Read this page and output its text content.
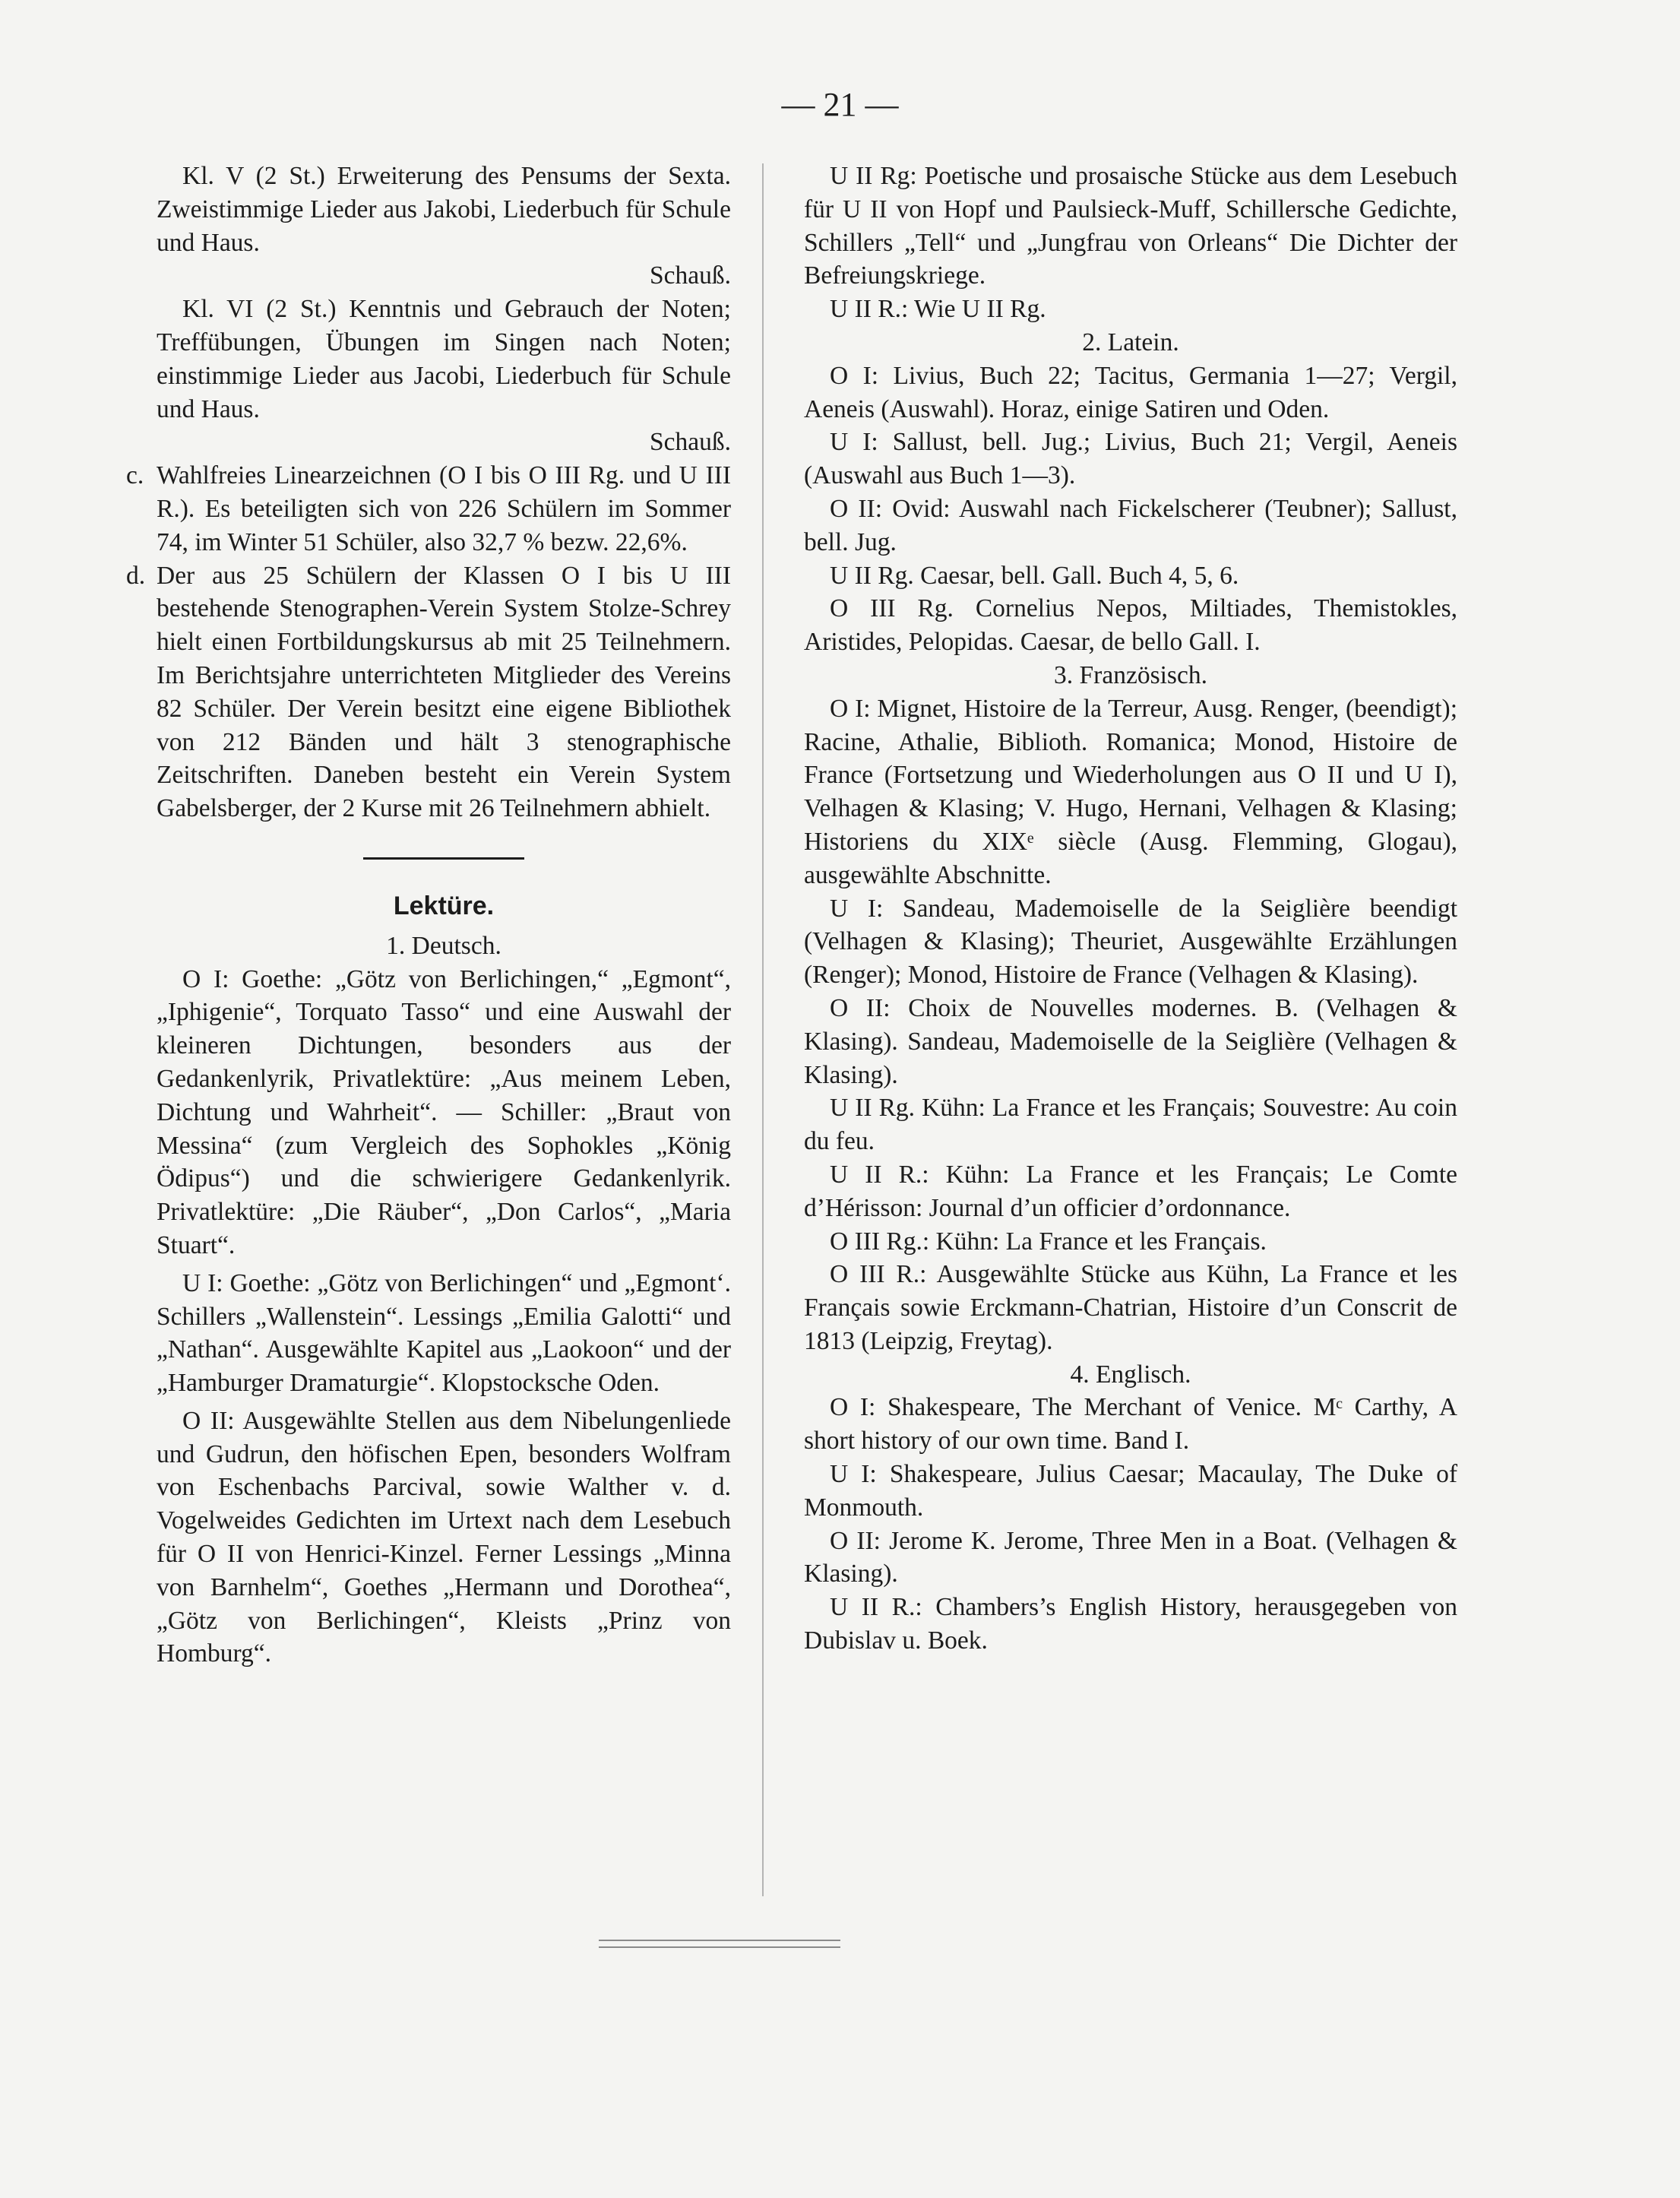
— 21 —

Kl. V (2 St.) Erweiterung des Pensums der Sexta. Zweistimmige Lieder aus Jakobi, Liederbuch für Schule und Haus.

Schauß.

Kl. VI (2 St.) Kenntnis und Gebrauch der Noten; Treffübungen, Übungen im Singen nach Noten; einstimmige Lieder aus Jacobi, Liederbuch für Schule und Haus.

Schauß.

c. Wahlfreies Linearzeichnen (O I bis O III Rg. und U III R.). Es beteiligten sich von 226 Schülern im Sommer 74, im Winter 51 Schüler, also 32,7 % bezw. 22,6%.
d. Der aus 25 Schülern der Klassen O I bis U III bestehende Stenographen-Verein System Stolze-Schrey hielt einen Fortbildungskursus ab mit 25 Teilnehmern. Im Berichtsjahre unterrichteten Mitglieder des Vereins 82 Schüler. Der Verein besitzt eine eigene Bibliothek von 212 Bänden und hält 3 stenographische Zeitschriften. Daneben besteht ein Verein System Gabelsberger, der 2 Kurse mit 26 Teilnehmern abhielt.
Lektüre.

1. Deutsch.

O I: Goethe: „Götz von Berlichingen,“ „Egmont“, „Iphigenie“, Torquato Tasso“ und eine Auswahl der kleineren Dichtungen, besonders aus der Gedankenlyrik, Privatlektüre: „Aus meinem Leben, Dichtung und Wahrheit“. — Schiller: „Braut von Messina“ (zum Vergleich des Sophokles „König Ödipus“) und die schwierigere Gedankenlyrik. Privatlektüre: „Die Räuber“, „Don Carlos“, „Maria Stuart“.

U I: Goethe: „Götz von Berlichingen“ und „Egmont‘. Schillers „Wallenstein“. Lessings „Emilia Galotti“ und „Nathan“. Ausgewählte Kapitel aus „Laokoon“ und der „Hamburger Dramaturgie“. Klopstocksche Oden.

O II: Ausgewählte Stellen aus dem Nibelungenliede und Gudrun, den höfischen Epen, besonders Wolfram von Eschenbachs Parcival, sowie Walther v. d. Vogelweides Gedichten im Urtext nach dem Lesebuch für O II von Henrici-Kinzel. Ferner Lessings „Minna von Barnhelm“, Goethes „Hermann und Dorothea“, „Götz von Berlichingen“, Kleists „Prinz von Homburg“.

U II Rg: Poetische und prosaische Stücke aus dem Lesebuch für U II von Hopf und Paulsieck-Muff, Schillersche Gedichte, Schillers „Tell“ und „Jungfrau von Orleans“ Die Dichter der Befreiungskriege.

U II R.: Wie U II Rg.

2. Latein.

O I: Livius, Buch 22; Tacitus, Germania 1—27; Vergil, Aeneis (Auswahl). Horaz, einige Satiren und Oden.

U I: Sallust, bell. Jug.; Livius, Buch 21; Vergil, Aeneis (Auswahl aus Buch 1—3).

O II: Ovid: Auswahl nach Fickelscherer (Teubner); Sallust, bell. Jug.

U II Rg. Caesar, bell. Gall. Buch 4, 5, 6.

O III Rg. Cornelius Nepos, Miltiades, Themistokles, Aristides, Pelopidas. Caesar, de bello Gall. I.

3. Französisch.

O I: Mignet, Histoire de la Terreur, Ausg. Renger, (beendigt); Racine, Athalie, Biblioth. Romanica; Monod, Histoire de France (Fortsetzung und Wiederholungen aus O II und U I), Velhagen & Klasing; V. Hugo, Hernani, Velhagen & Klasing; Historiens du XIXᵉ siècle (Ausg. Flemming, Glogau), ausgewählte Abschnitte.

U I: Sandeau, Mademoiselle de la Seiglière beendigt (Velhagen & Klasing); Theuriet, Ausgewählte Erzählungen (Renger); Monod, Histoire de France (Velhagen & Klasing).

O II: Choix de Nouvelles modernes. B. (Velhagen & Klasing). Sandeau, Mademoiselle de la Seiglière (Velhagen & Klasing).

U II Rg. Kühn: La France et les Français; Souvestre: Au coin du feu.

U II R.: Kühn: La France et les Français; Le Comte d’Hérisson: Journal d’un officier d’ordonnance.

O III Rg.: Kühn: La France et les Français.

O III R.: Ausgewählte Stücke aus Kühn, La France et les Français sowie Erckmann-Chatrian, Histoire d’un Conscrit de 1813 (Leipzig, Freytag).

4. Englisch.

O I: Shakespeare, The Merchant of Venice. Mᶜ Carthy, A short history of our own time. Band I.

U I: Shakespeare, Julius Caesar; Macaulay, The Duke of Monmouth.

O II: Jerome K. Jerome, Three Men in a Boat. (Velhagen & Klasing).

U II R.: Chambers’s English History, herausgegeben von Dubislav u. Boek.
